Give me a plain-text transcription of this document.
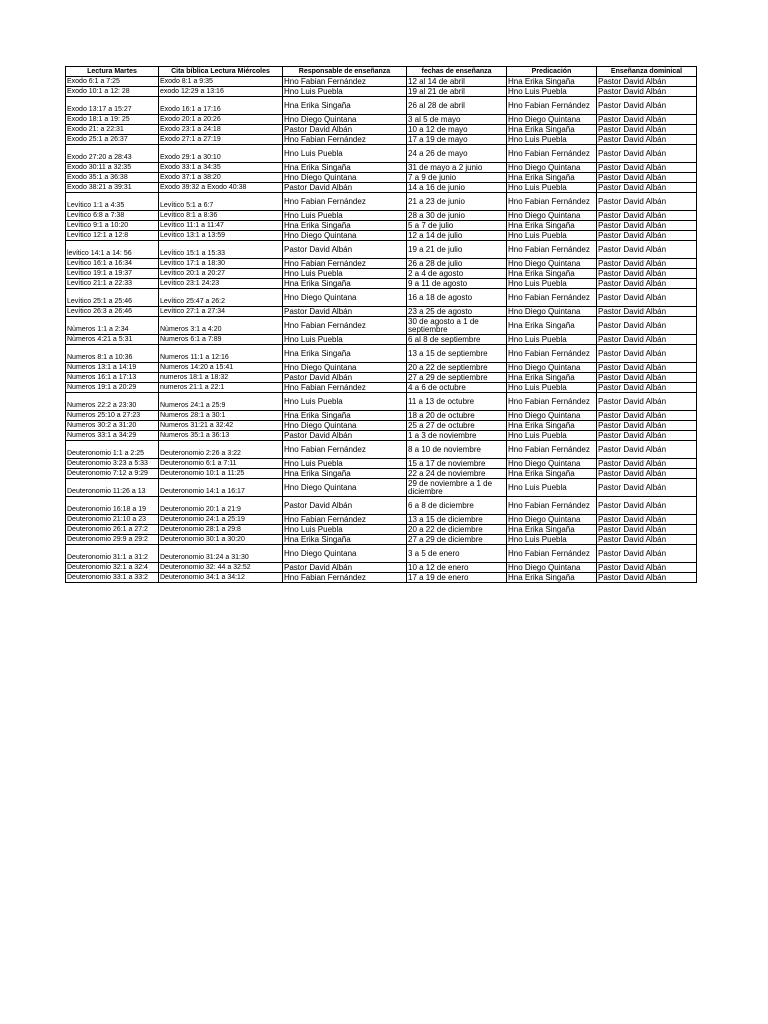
Lectura Martes	Cita bíblica Lectura Miércoles	Responsable de enseñanza	fechas de enseñanza	Predicación	Enseñanza dominical
Exodo 6:1 a 7:25	Exodo 8:1 a 9:35	Hno Fabian Fernández	12 al 14 de abril	Hna Erika Singaña	Pastor David Albán
Exodo 10:1 a 12: 28	exodo 12:29 a 13:16	Hno Luis Puebla	19 al 21 de abril	Hno Luis Puebla	Pastor David Albán
Exodo 13:17 a 15:27	Exodo 16:1 a 17:16	Hna Erika Singaña	26 al 28 de abril	Hno Fabian Fernández	Pastor David Albán
Exodo 18:1 a 19: 25	Exodo 20:1 a 20:26	Hno Diego Quintana	3 al 5 de mayo	Hno Diego Quintana	Pastor David Albán
Exodo 21: a 22:31	Exodo 23:1 a 24:18	Pastor David Albán	10 a 12 de mayo	Hna Erika Singaña	Pastor David Albán
Exodo 25:1 a 26:37	Exodo 27:1 a 27:19	Hno Fabian Fernández	17 a 19 de mayo	Hno Luis Puebla	Pastor David Albán
Exodo 27:20 a 28:43	Exodo 29:1 a 30:10	Hno Luis Puebla	24 a 26 de mayo	Hno Fabian Fernández	Pastor David Albán
Exodo 30:11 a 32:35	Exodo 33:1 a 34:35	Hna Erika Singaña	31 de mayo a 2 junio	Hno Diego Quintana	Pastor David Albán
Exodo 35:1 a 36:38	Exodo 37:1 a 38:20	Hno Diego Quintana	7 a 9 de junio	Hna Erika Singaña	Pastor David Albán
Exodo 38:21 a 39:31	Exodo 39:32 a Exodo 40:38	Pastor David Albán	14 a 16 de junio	Hno Luis Puebla	Pastor David Albán
Levítico 1:1 a 4:35	Levítico 5:1 a 6:7	Hno Fabian Fernández	21 a 23 de junio	Hno Fabian Fernández	Pastor David Albán
Levítico 6:8 a 7:38	Levítico 8:1 a 8:36	Hno Luis Puebla	28 a 30 de junio	Hno Diego Quintana	Pastor David Albán
Levítico 9:1 a 10:20	Levítico 11:1 a 11:47	Hna Erika Singaña	5 a 7 de julio	Hna Erika Singaña	Pastor David Albán
Levítico 12:1 a 12:8	Levítico 13:1 a 13:59	Hno Diego Quintana	12 a 14 de julio	Hno Luis Puebla	Pastor David Albán
levítico 14:1 a 14: 56	Levítico 15:1 a 15:33	Pastor David Albán	19 a 21 de julio	Hno Fabian Fernández	Pastor David Albán
Levítico 16:1 a 16:34	Levítico 17:1 a 18:30	Hno Fabian Fernández	26 a 28 de julio	Hno Diego Quintana	Pastor David Albán
Levítico 19:1 a 19:37	Levítico 20:1 a 20:27	Hno Luis Puebla	2 a 4 de agosto	Hna Erika Singaña	Pastor David Albán
Levítico 21:1 a 22:33	Levítico 23:1 24:23	Hna Erika Singaña	9 a 11 de agosto	Hno Luis Puebla	Pastor David Albán
Levítico 25:1 a 25:46	Levítico 25:47 a 26:2	Hno Diego Quintana	16 a 18 de agosto	Hno Fabian Fernández	Pastor David Albán
Levítico 26:3 a 26:46	Levítico 27:1 a 27:34	Pastor David Albán	23 a 25 de agosto	Hno Diego Quintana	Pastor David Albán
Nùmeros 1:1 a 2:34	Nùmeros 3:1 a 4:20	Hno Fabian Fernández	30 de agosto a 1 de septiembre	Hna Erika Singaña	Pastor David Albán
Nùmeros 4:21 a 5:31	Numeros 6:1 a 7:89	Hno Luis Puebla	6 al 8 de septiembre	Hno Luis Puebla	Pastor David Albán
Numeros 8:1 a 10:36	Numeros 11:1 a 12:16	Hna Erika Singaña	13 a 15 de septiembre	Hno Fabian Fernández	Pastor David Albán
Numeros 13:1 a 14:19	Numeros 14:20 a 15:41	Hno Diego Quintana	20 a 22 de septiembre	Hno Diego Quintana	Pastor David Albán
Numeros 16:1 a 17:13	numeros 18:1 a 18:32	Pastor David Albán	27 a 29 de septiembre	Hna Erika Singaña	Pastor David Albán
Numeros 19:1 a 20:29	numeros 21:1 a 22:1	Hno Fabian Fernández	4 a 6 de octubre	Hno Luis Puebla	Pastor David Albán
Numeros 22:2 a 23:30	Numeros 24:1 a 25:9	Hno Luis Puebla	11 a 13 de octubre	Hno Fabian Fernández	Pastor David Albán
Numeros 25:10 a 27:23	Numeros 28:1 a 30:1	Hna Erika Singaña	18 a 20 de octubre	Hno Diego Quintana	Pastor David Albán
Numeros 30:2 a 31:20	Numeros 31:21 a 32:42	Hno Diego Quintana	25 a 27 de octubre	Hna Erika Singaña	Pastor David Albán
Numeros 33:1 a 34:29	Numeros 35:1 a 36:13	Pastor David Albán	1 a 3 de noviembre	Hno Luis Puebla	Pastor David Albán
Deuteronomio 1:1 a 2:25	Deuteronomio 2:26 a 3:22	Hno Fabian Fernández	8 a 10 de noviembre	Hno Fabian Fernández	Pastor David Albán
Deuteronomio 3:23 a 5:33	Deuteronomio 6:1 a 7:11	Hno Luis Puebla	15 a 17 de noviembre	Hno Diego Quintana	Pastor David Albán
Deuteronomio 7:12 a 9:29	Deuteronomio 10:1 a 11:25	Hna Erika Singaña	22 a 24 de noviembre	Hna Erika Singaña	Pastor David Albán
Deuteronomio 11:26 a 13	Deuteronomio 14:1 a 16:17	Hno Diego Quintana	29 de noviembre a 1 de diciembre	Hno Luis Puebla	Pastor David Albán
Deuteronomio 16:18 a 19	Deuteronomio 20:1 a 21:9	Pastor David Albán	6 a 8 de diciembre	Hno Fabian Fernández	Pastor David Albán
Deuteronomio 21:10 a 23	Deuteronomio 24:1 a 25:19	Hno Fabian Fernández	13 a 15 de diciembre	Hno Diego Quintana	Pastor David Albán
Deuteronomio 26:1 a 27:2	Deuteronomio 28:1 a 29:8	Hno Luis Puebla	20 a 22 de diciembre	Hna Erika Singaña	Pastor David Albán
Deuteronomio 29:9 a 29:2	Deuteronomio 30:1 a 30:20	Hna Erika Singaña	27 a 29 de diciembre	Hno Luis Puebla	Pastor David Albán
Deuteronomio 31:1 a 31:2	Deuteronomio 31:24 a 31:30	Hno Diego Quintana	3 a 5 de enero	Hno Fabian Fernández	Pastor David Albán
Deuteronomio 32:1 a 32:4	Deuteronomio 32: 44 a 32:52	Pastor David Albán	10 a 12 de enero	Hno Diego Quintana	Pastor David Albán
Deuteronomio 33:1 a 33:2	Deuteronomio 34:1 a 34:12	Hno Fabian Fernández	17 a 19 de enero	Hna Erika Singaña	Pastor David Albán
